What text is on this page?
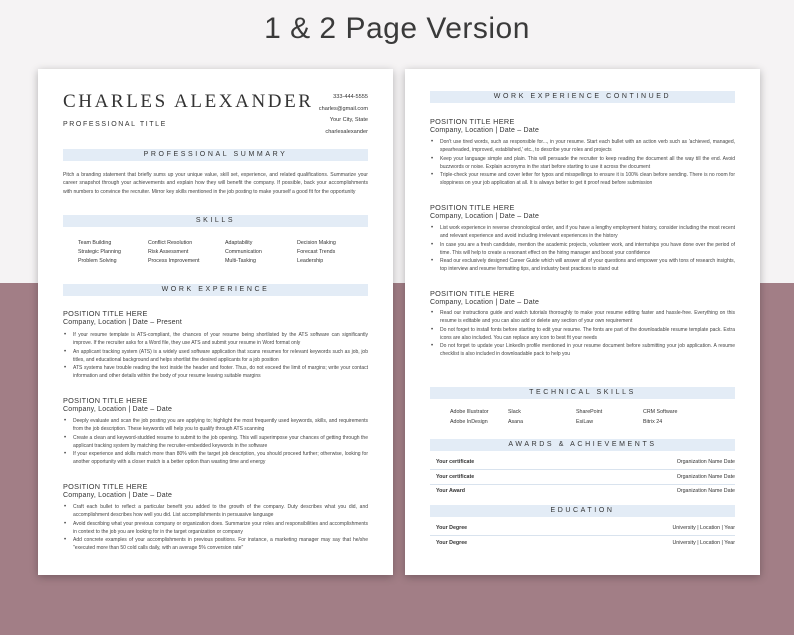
1 & 2 Page Version
CHARLES ALEXANDER
PROFESSIONAL TITLE
333-444-5555
charles@gmail.com
Your City, State
charlesalexander
PROFESSIONAL SUMMARY
Pitch a branding statement that briefly sums up your unique value, skill set, experience, and related qualifications. Summarize your career snapshot through your achievements and explain how they will benefit the company. If possible, back your accomplishments with numbers to convince the recruiter. Mirror key skills mentioned in the job posting to make yourself a good fit for the opportunity
SKILLS
Team Building	Conflict Resolution	Adaptability	Decision Making
Strategic Planning	Risk Assessment	Communication	Forecast Trends
Problem Solving	Process Improvement	Multi-Tasking	Leadership
WORK EXPERIENCE
POSITION TITLE HERE
Company, Location | Date – Present
• If your resume template is ATS-compliant, the chances of your resume being shortlisted by the ATS software can significantly improve. If the recruiter asks for a Word file, they use ATS and submit your resume in Word format only
• An applicant tracking system (ATS) is a widely used software application that scans resumes for relevant keywords such as job, job titles, and educational background and helps shortlist the desired applicants for a job position
• ATS systems have trouble reading the text inside the header and footer. Thus, do not exceed the limit of margins; write your contact information and other details within the body of your resume leaving suitable margins
POSITION TITLE HERE
Company, Location | Date – Date
• Deeply evaluate and scan the job posting you are applying to; highlight the most frequently used keywords, skills, and requirements from the job description. These keywords will help you to qualify through ATS scanning
• Create a clean and keyword-studded resume to submit to the job opening. This will superimpose your chances of getting through the applicant tracking system by matching the recruiter-embedded keywords in the software
• If your experience and skills match more than 80% with the target job description, you should proceed further; otherwise, looking for another opportunity with a closer match is a better option than wasting time and energy
POSITION TITLE HERE
Company, Location | Date – Date
• Craft each bullet to reflect a particular benefit you added to the growth of the company. Duty describes what you did, and accomplishment describes how well you did. List accomplishments in persuasive language
• Avoid describing what your previous company or organization does. Summarize your roles and responsibilities and accomplishments in context to the job you are looking for in the target organization or company
• Add concrete examples of your accomplishments in previous positions. For instance, a marketing manager may say that he/she "executed more than 50 cold calls daily, with an average 5% conversion rate"
WORK EXPERIENCE CONTINUED
POSITION TITLE HERE
Company, Location | Date – Date
• Don't use tired words, such as responsible for..., in your resume. Start each bullet with an action verb such as 'achieved, managed, spearheaded, improved, established,' etc., to describe your roles and projects
• Keep your language simple and plain. This will persuade the recruiter to keep reading the document all the way till the end. Avoid buzzwords or noise. Explain acronyms in the start before starting to use it across the document
• Triple-check your resume and cover letter for typos and misspellings to ensure it is 100% clean before sending. There is no room for sloppiness on your job application at all. It is always better to get it proof read before submission
POSITION TITLE HERE
Company, Location | Date – Date
• List work experience in reverse chronological order, and if you have a lengthy employment history, consider including the most recent and relevant experience and avoid including irrelevant experiences in the history
• In case you are a fresh candidate, mention the academic projects, volunteer work, and internships you have done over the period of time. This will help to create a resonant effect on the hiring manager and boost your confidence
• Read our exclusively designed Career Guide which will answer all of your questions and empower you with tons of research insights, top interview and resume formatting tips, and industry best practices to stand out
POSITION TITLE HERE
Company, Location | Date – Date
• Read our instructions guide and watch tutorials thoroughly to make your resume editing faster and hassle-free. Everything on this resume is editable and you can also add or delete any section of your own requirement
• Do not forget to install fonts before starting to edit your resume. The fonts are part of the downloadable resume template pack. Extra icons are also included. You can replace any icon to best fit your needs
• Do not forget to update your LinkedIn profile mentioned in your resume document before submitting your job application. A resume checklist is also included in downloadable pack to help you
TECHNICAL SKILLS
Adobe Illustrator	Slack	SharePoint	CRM Software
Adobe InDesign	Asana	EsiLaw	Bitrix 24
AWARDS & ACHIEVEMENTS
Your certificate	Organization Name Date
Your certificate	Organization Name Date
Your Award	Organization Name Date
EDUCATION
Your Degree	University | Location | Year
Your Degree	University | Location | Year
